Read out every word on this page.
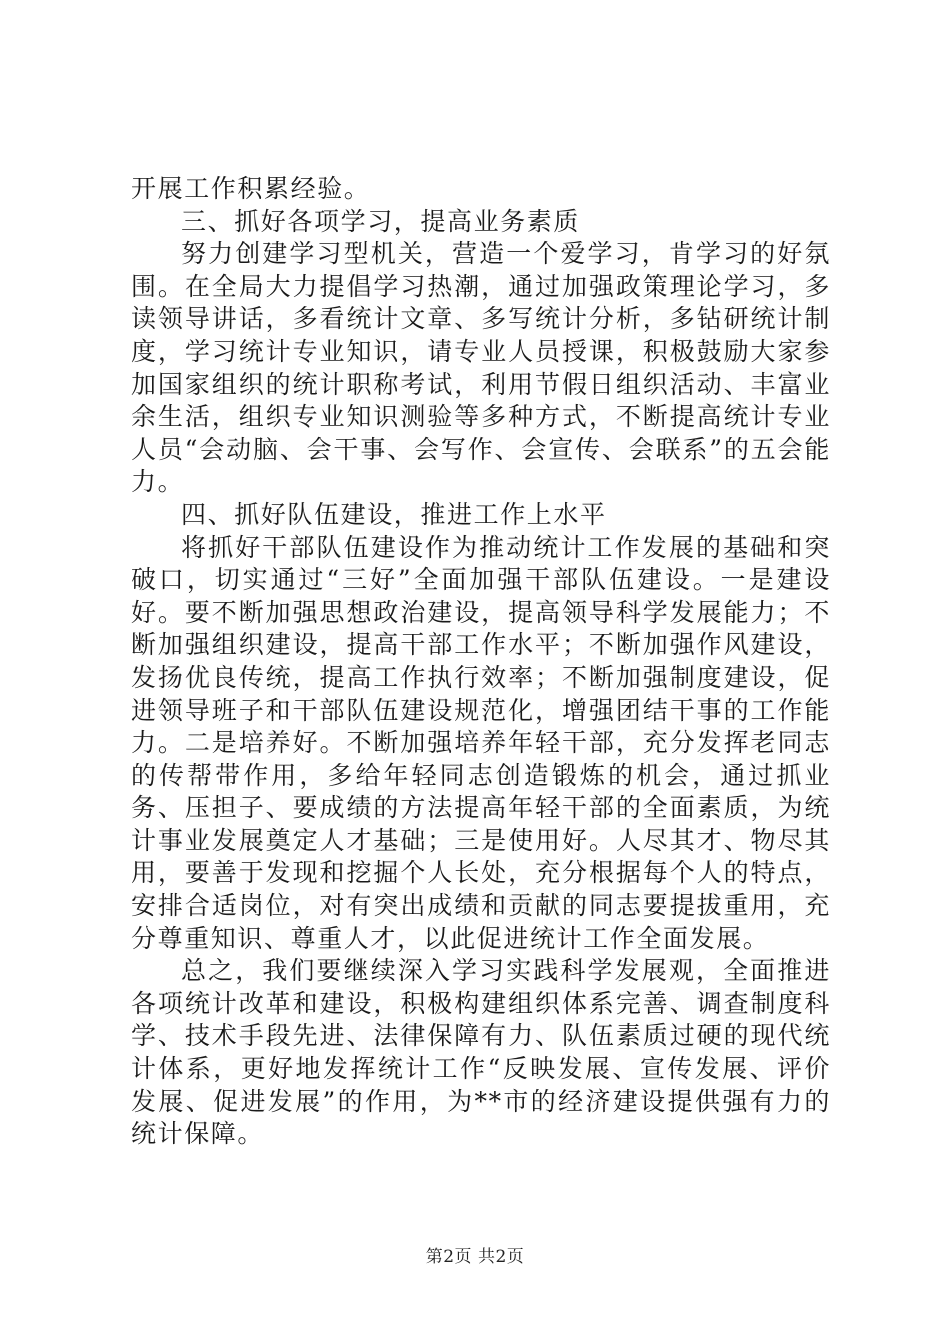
开展工作积累经验。

三、抓好各项学习，提高业务素质

努力创建学习型机关，营造一个爱学习，肯学习的好氛围。在全局大力提倡学习热潮，通过加强政策理论学习，多读领导讲话，多看统计文章、多写统计分析，多钻研统计制度，学习统计专业知识，请专业人员授课，积极鼓励大家参加国家组织的统计职称考试，利用节假日组织活动、丰富业余生活，组织专业知识测验等多种方式，不断提高统计专业人员“会动脑、会干事、会写作、会宣传、会联系”的五会能力。

四、抓好队伍建设，推进工作上水平

将抓好干部队伍建设作为推动统计工作发展的基础和突破口，切实通过“三好”全面加强干部队伍建设。一是建设好。要不断加强思想政治建设，提高领导科学发展能力；不断加强组织建设，提高干部工作水平；不断加强作风建设，发扬优良传统，提高工作执行效率；不断加强制度建设，促进领导班子和干部队伍建设规范化，增强团结干事的工作能力。二是培养好。不断加强培养年轻干部，充分发挥老同志的传帮带作用，多给年轻同志创造锻炼的机会，通过抓业务、压担子、要成绩的方法提高年轻干部的全面素质，为统计事业发展奠定人才基础；三是使用好。人尽其才、物尽其用，要善于发现和挖掘个人长处，充分根据每个人的特点，安排合适岗位，对有突出成绩和贡献的同志要提拔重用，充分尊重知识、尊重人才，以此促进统计工作全面发展。

总之，我们要继续深入学习实践科学发展观，全面推进各项统计改革和建设，积极构建组织体系完善、调查制度科学、技术手段先进、法律保障有力、队伍素质过硬的现代统计体系，更好地发挥统计工作“反映发展、宣传发展、评价发展、促进发展”的作用，为**市的经济建设提供强有力的统计保障。

第2页 共2页
